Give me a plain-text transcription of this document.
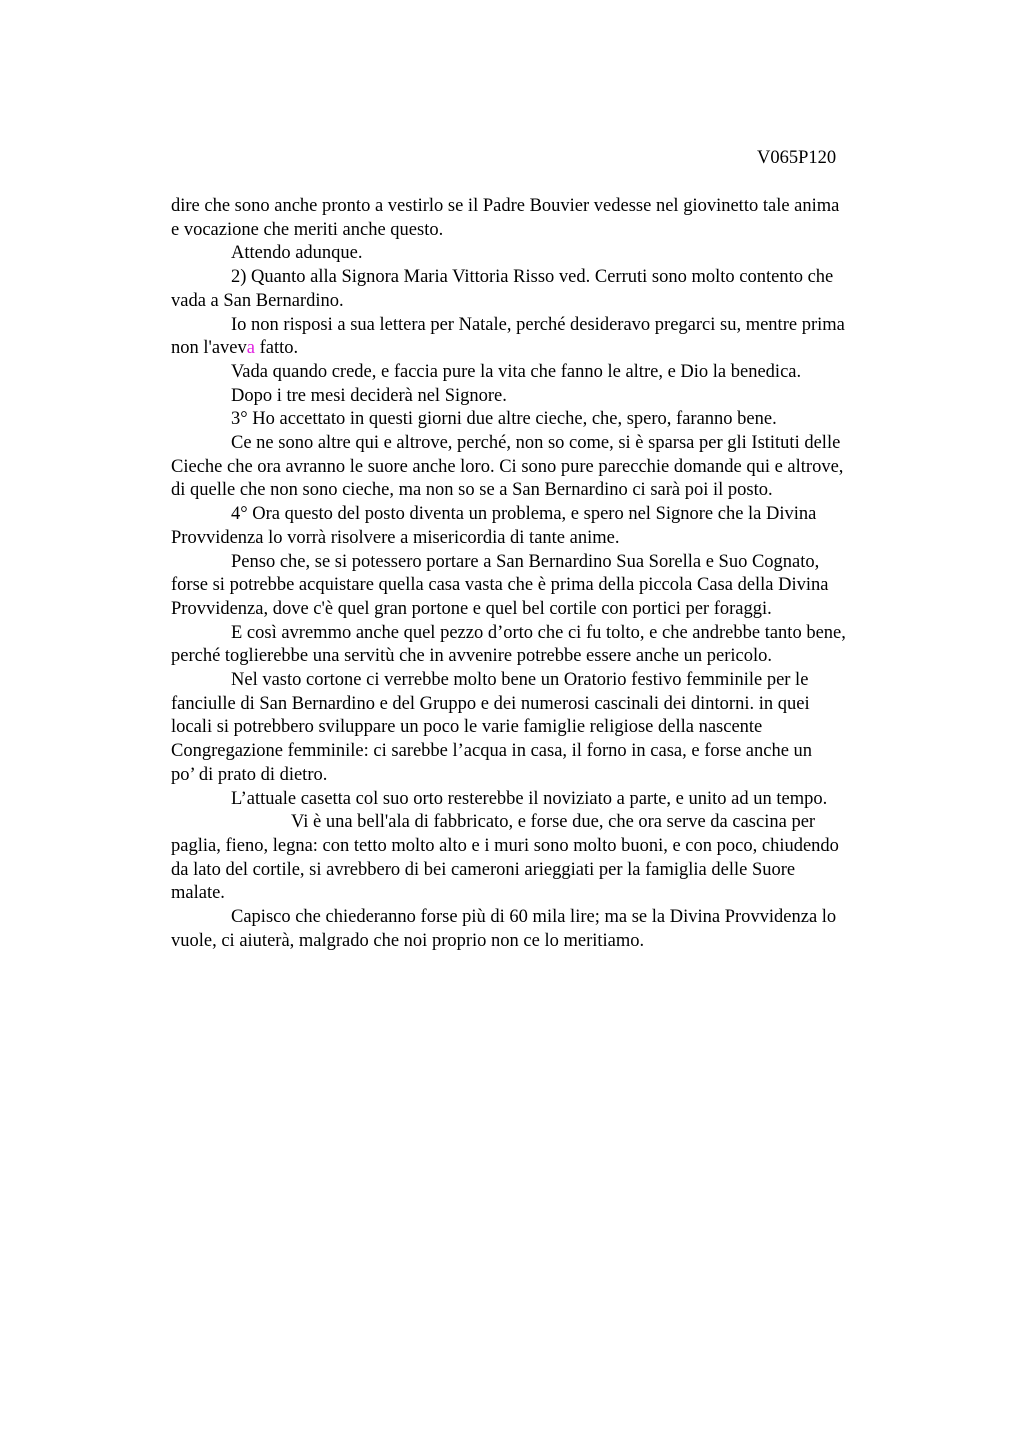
V065P120
dire che sono anche pronto a vestirlo se il Padre Bouvier vedesse nel giovinetto tale anima
e vocazione che meriti anche questo.
Attendo adunque.
2) Quanto alla Signora Maria Vittoria Risso ved. Cerruti sono molto contento che
vada a San Bernardino.
Io non risposi a sua lettera per Natale, perché desideravo pregarci su, mentre prima
non l'aveva fatto.
Vada quando crede, e faccia pure la vita che fanno le altre, e Dio la benedica.
Dopo i tre mesi deciderà nel Signore.
3° Ho accettato in questi giorni due altre cieche, che, spero, faranno bene.
Ce ne sono altre qui e altrove, perché, non so come, si è sparsa per gli Istituti delle
Cieche che ora avranno le suore anche loro. Ci sono pure parecchie domande qui e altrove,
di quelle che non sono cieche, ma non so se a San Bernardino ci sarà poi il posto.
4° Ora questo del posto diventa un problema, e spero nel Signore che la Divina
Provvidenza lo vorrà risolvere a misericordia di tante anime.
Penso che, se si potessero portare a San Bernardino Sua Sorella e Suo Cognato,
forse si potrebbe acquistare quella casa vasta che è prima della piccola Casa della Divina
Provvidenza, dove c'è quel gran portone e quel bel cortile con portici per foraggi.
E così avremmo anche quel pezzo d’orto che ci fu tolto, e che andrebbe tanto bene,
perché toglierebbe una servitù che in avvenire potrebbe essere anche un pericolo.
Nel vasto cortone ci verrebbe molto bene un Oratorio festivo femminile per le
fanciulle di San Bernardino e del Gruppo e dei numerosi cascinali dei dintorni. in quei
locali si potrebbero sviluppare un poco le varie famiglie religiose della nascente
Congregazione femminile: ci sarebbe l’acqua in casa, il forno in casa, e forse anche un
po’ di prato di dietro.
L’attuale casetta col suo orto resterebbe il noviziato a parte, e unito ad un tempo.
Vi è una bell'ala di fabbricato, e forse due, che ora serve da cascina per
paglia, fieno, legna: con tetto molto alto e i muri sono molto buoni, e con poco, chiudendo
da lato del cortile, si avrebbero di bei cameroni arieggiati per la famiglia delle Suore
malate.
Capisco che chiederanno forse più di 60 mila lire; ma se la Divina Provvidenza lo
vuole, ci aiuterà, malgrado che noi proprio non ce lo meritiamo.
